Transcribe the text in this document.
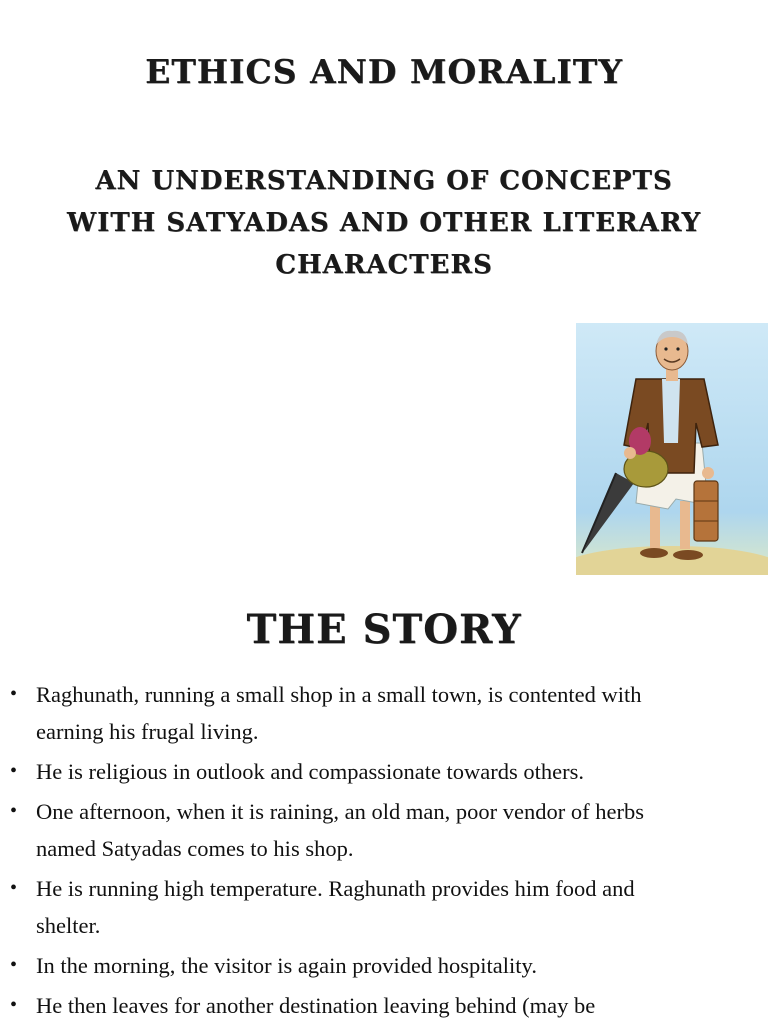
ETHICS AND MORALITY
AN UNDERSTANDING OF CONCEPTS WITH SATYADAS AND OTHER LITERARY CHARACTERS
THE STORY
• Raghunath, running a small shop in a small town, is contented with earning his frugal living.
• He is religious in outlook and compassionate towards others.
• One afternoon, when it is raining, an old man, poor vendor of herbs named Satyadas comes to his shop.
• He is running high temperature. Raghunath provides him food and shelter.
• In the morning, the visitor is again provided hospitality.
• He then leaves for another destination leaving behind (may be
